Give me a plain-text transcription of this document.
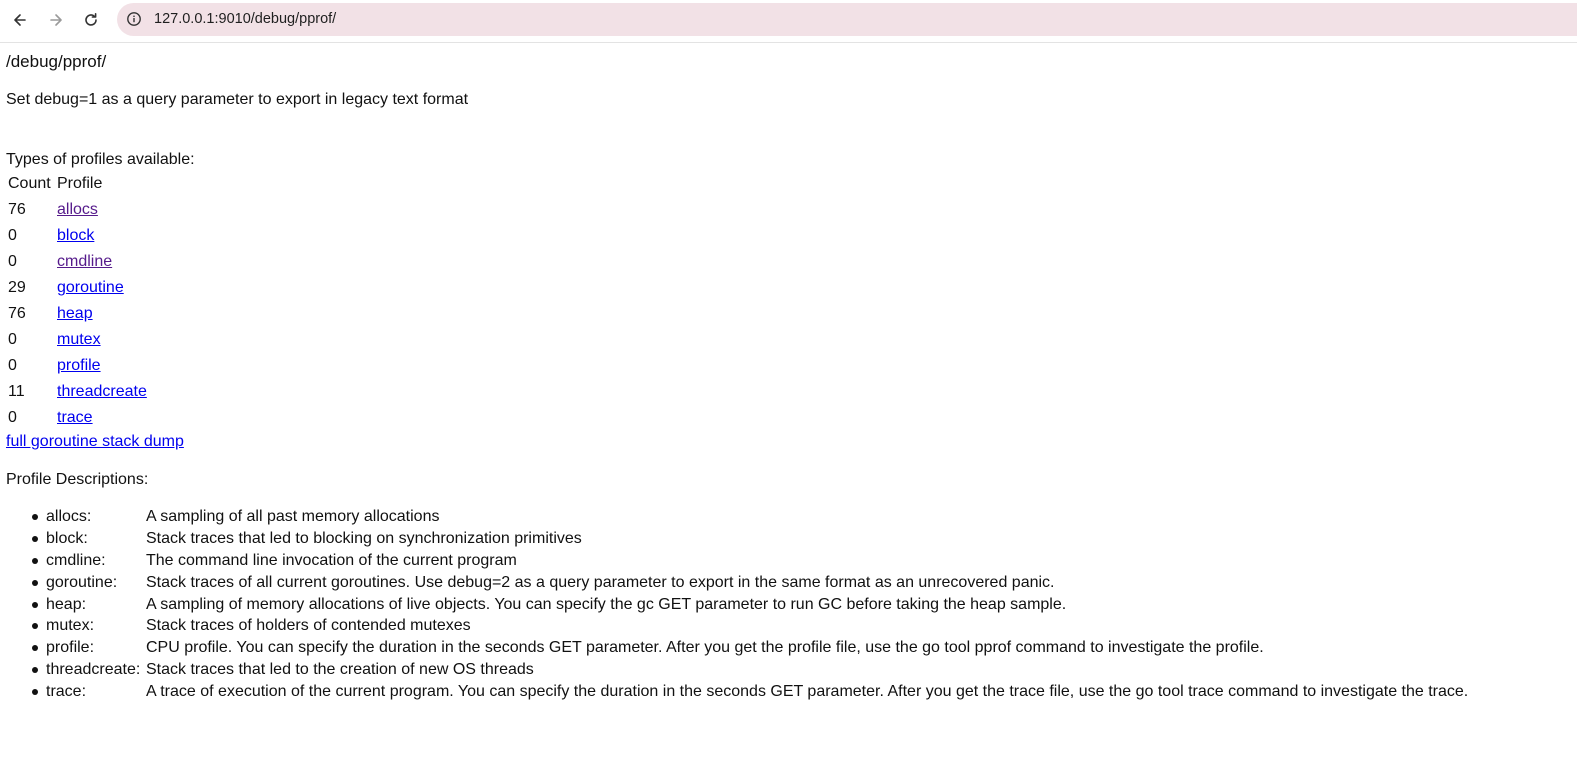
127.0.0.1:9010/debug/pprof/
/debug/pprof/
Set debug=1 as a query parameter to export in legacy text format
Types of profiles available:
Count Profile
76 allocs
0	block
0	cmdline
29 goroutine
76 heap
0	mutex
0	profile
11 threadcreate
0	trace
full goroutine stack dump
Profile Descriptions:
allocs:	A sampling of all past memory allocations
block:	Stack traces that led to blocking on synchronization primitives
cmdline:	The command line invocation of the current program
goroutine: Stack traces of all current goroutines. Use debug=2 as a query parameter to export in the same format as an unrecovered panic.
heap:	A sampling of memory allocations of live objects. You can specify the gc GET parameter to run GC before taking the heap sample.
mutex:	Stack traces of holders of contended mutexes
profile:	CPU profile. You can specify the duration in the seconds GET parameter. After you get the profile file, use the go tool pprof command to investigate the profile.
threadcreate: Stack traces that led to the creation of new OS threads
trace:	A trace of execution of the current program. You can specify the duration in the seconds GET parameter. After you get the trace file, use the go tool trace command to investigate the trace.
